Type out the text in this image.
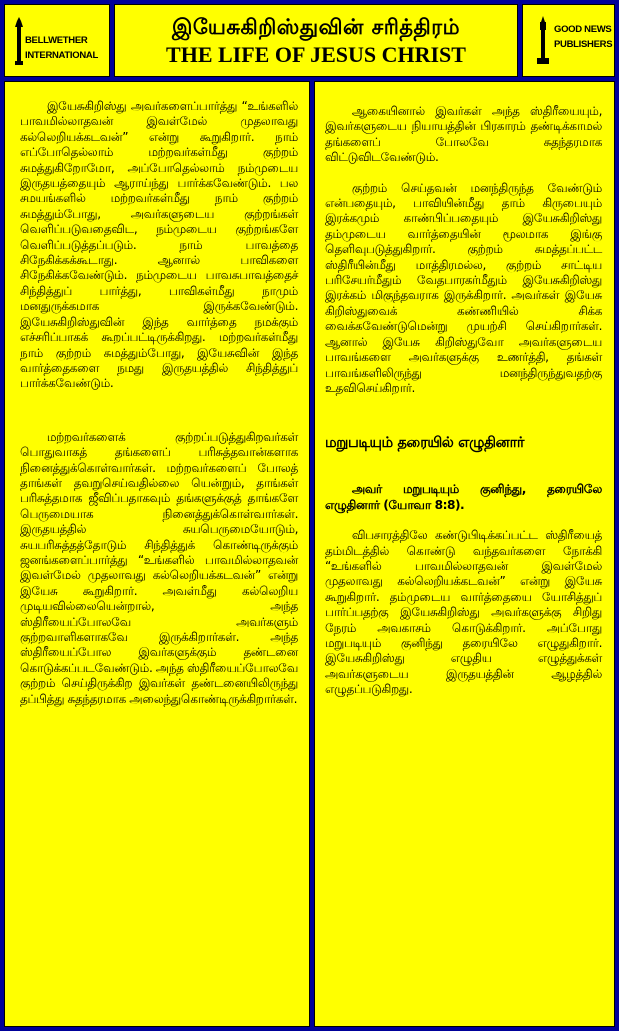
BELLWETHER
INTERNATIONAL
இயேசுகிறிஸ்துவின் சரித்திரம்
THE LIFE OF JESUS CHRIST
GOOD NEWS
PUBLISHERS

இயேசுகிறிஸ்து அவர்களைப்பார்த்து “உங்களில் பாவமில்லாதவன் இவள்மேல் முதலாவது கல்லெறியக்கடவன்” என்று கூறுகிறார். நாம் எப்போதெல்லாம் மற்றவர்கள்மீது குற்றம் சுமத்துகிறோமோ, அப்போதெல்லாம் நம்முடைய இருதயத்தையும் ஆராய்ந்து பார்க்கவேண்டும். பல சமயங்களில் மற்றவர்கள்மீது நாம் குற்றம் சுமத்தும்போது, அவர்களுடைய குற்றங்கள் வெளிப்படுவதைவிட, நம்முடைய குற்றங்களே வெளிப்படுத்தப்படும். நாம் பாவத்தை சிநேகிக்கக்கூடாது. ஆனால் பாவிகளை சிநேகிக்கவேண்டும். நம்முடைய பாவசுபாவத்தைச் சிந்தித்துப் பார்த்து, பாவிகள்மீது நாமும் மனதுருக்கமாக இருக்கவேண்டும். இயேசுகிறிஸ்துவின் இந்த வார்த்தை நமக்கும் எச்சரிப்பாகக் கூறப்பட்டிருக்கிறது. மற்றவர்கள்மீது நாம் குற்றம் சுமத்தும்போது, இயேசுவின் இந்த வார்த்தைகளை நமது இருதயத்தில் சிந்தித்துப் பார்க்கவேண்டும்.

மற்றவர்களைக் குற்றப்படுத்துகிறவர்கள் பொதுவாகத் தங்களைப் பரிசுத்தவான்களாக நினைத்துக்கொள்வார்கள். மற்றவர்களைப் போலத் தாங்கள் தவறுசெய்வதில்லை யென்றும், தாங்கள் பரிசுத்தமாக ஜீவிப்பதாகவும் தங்களுக்குத் தாங்களே பெருமையாக நினைத்துக்கொள்வார்கள். இருதயத்தில் சுயபெருமையோடும், சுயபரிசுத்தத்தோடும் சிந்தித்துக் கொண்டிருக்கும் ஜனங்களைப்பார்த்து “உங்களில் பாவமில்லாதவன் இவள்மேல் முதலாவது கல்லெறியக்கடவன்” என்று இயேசு கூறுகிறார். அவள்மீது கல்லெறிய முடியவில்லையென்றால், அந்த ஸ்திரீயைப்போலவே அவர்களும் குற்றவாளிகளாகவே இருக்கிறார்கள். அந்த ஸ்திரீயைப்போல இவர்களுக்கும் தண்டனை கொடுக்கப்படவேண்டும். அந்த ஸ்திரீயைப்போலவே குற்றம் செய்திருக்கிற இவர்கள் தண்டனையிலிருந்து தப்பித்து சுதந்தரமாக அலைந்துகொண்டிருக்கிறார்கள்.

ஆகையினால் இவர்கள் அந்த ஸ்திரீயையும், இவர்களுடைய நியாயத்தின் பிரகாரம் தண்டிக்காமல் தங்களைப் போலவே சுதந்தரமாக விட்டுவிடவேண்டும்.

குற்றம் செய்தவன் மனந்திருந்த வேண்டும் என்பதையும், பாவியின்மீது தாம் கிருபையும் இரக்கமும் காண்பிப்பதையும் இயேசுகிறிஸ்து தம்முடைய வார்த்தையின் மூலமாக இங்கு தெளிவுபடுத்துகிறார். குற்றம் சுமத்தப்பட்ட ஸ்திரீயின்மீது மாத்திரமல்ல, குற்றம் சாட்டிய பரிசேயர்மீதும் வேதபாரகர்மீதும் இயேசுகிறிஸ்து இரக்கம் மிகுந்தவராக இருக்கிறார். அவர்கள் இயேசு கிறிஸ்துவைக் கண்ணியில் சிக்க வைக்கவேண்டுமென்று முயற்சி செய்கிறார்கள். ஆனால் இயேசு கிறிஸ்துவோ அவர்களுடைய பாவங்களை அவர்களுக்கு உணர்த்தி, தங்கள் பாவங்களிலிருந்து மனந்திருந்துவதற்கு உதவிசெய்கிறார்.

மறுபடியும் தரையில் எழுதினார்

அவர் மறுபடியும் குனிந்து, தரையிலே எழுதினார் (யோவா 8:8).

விபசாரத்திலே கண்டுபிடிக்கப்பட்ட ஸ்திரீயைத் தம்மிடத்தில் கொண்டு வந்தவர்களை நோக்கி “உங்களில் பாவமில்லாதவன் இவள்மேல் முதலாவது கல்லெறியக்கடவன்” என்று இயேசு கூறுகிறார். தம்முடைய வார்த்தையை யோசித்துப் பார்ப்பதற்கு இயேசுகிறிஸ்து அவர்களுக்கு சிறிது நேரம் அவகாசம் கொடுக்கிறார். அப்போது மறுபடியும் குனிந்து தரையிலே எழுதுகிறார். இயேசுகிறிஸ்து எழுதிய எழுத்துக்கள் அவர்களுடைய இருதயத்தின் ஆழத்தில் எழுதப்படுகிறது.
